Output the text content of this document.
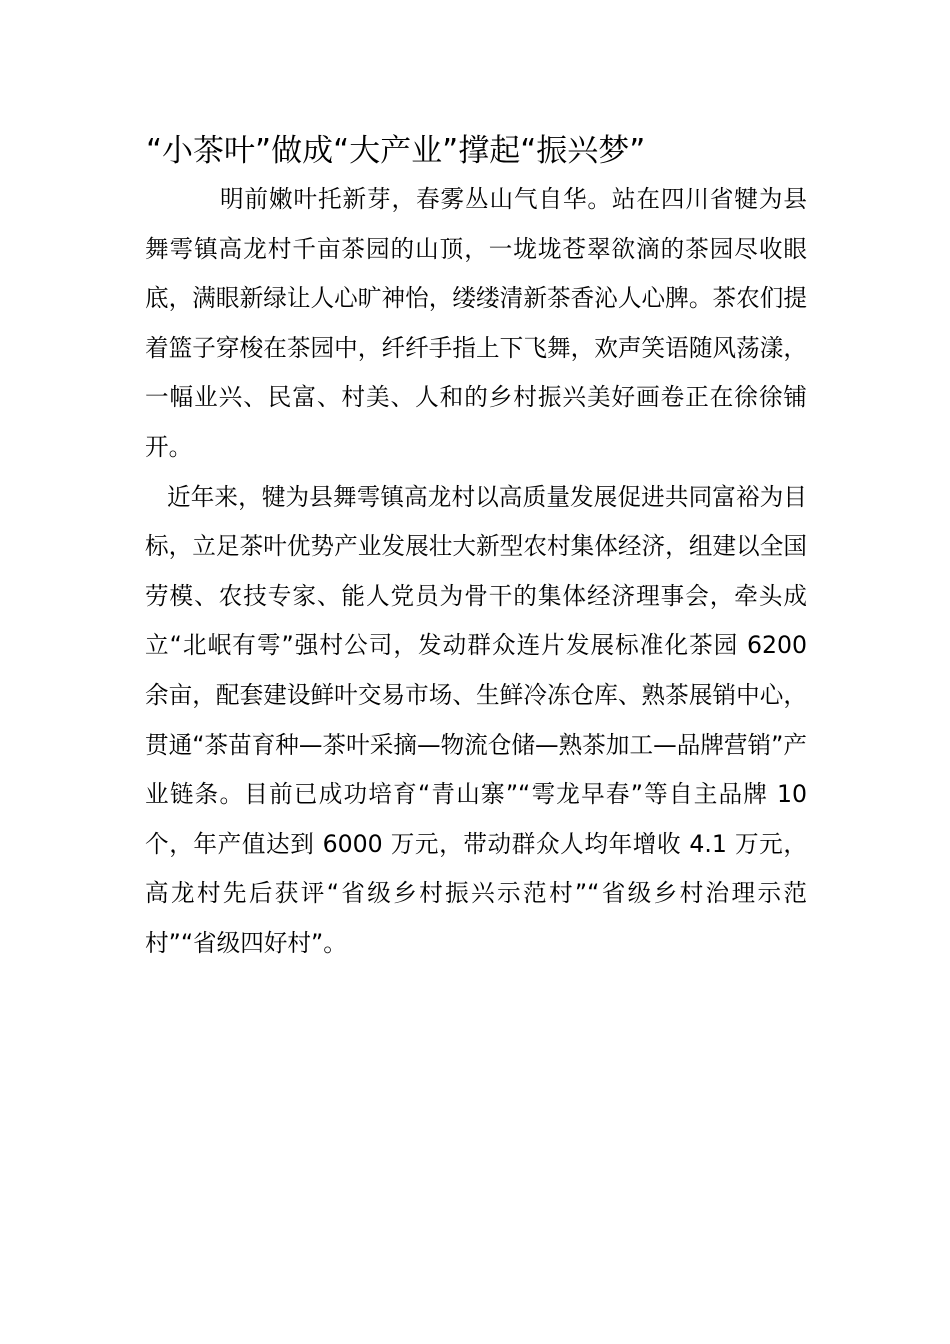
“小茶叶”做成“大产业”撑起“振兴梦”

明前嫩叶托新芽，春雾丛山气自华。站在四川省犍为县舞雩镇高龙村千亩茶园的山顶，一垅垅苍翠欲滴的茶园尽收眼底，满眼新绿让人心旷神怡，缕缕清新茶香沁人心脾。茶农们提着篮子穿梭在茶园中，纤纤手指上下飞舞，欢声笑语随风荡漾，一幅业兴、民富、村美、人和的乡村振兴美好画卷正在徐徐铺开。

近年来，犍为县舞雩镇高龙村以高质量发展促进共同富裕为目标，立足茶叶优势产业发展壮大新型农村集体经济，组建以全国劳模、农技专家、能人党员为骨干的集体经济理事会，牵头成立“北岷有雩”强村公司，发动群众连片发展标准化茶园 6200 余亩，配套建设鲜叶交易市场、生鲜冷冻仓库、熟茶展销中心，贯通“茶苗育种—茶叶采摘—物流仓储—熟茶加工—品牌营销”产业链条。目前已成功培育“青山寨”“雩龙早春”等自主品牌 10 个，年产值达到 6000 万元，带动群众人均年增收 4.1 万元，高龙村先后获评“省级乡村振兴示范村”“省级乡村治理示范村”“省级四好村”。
